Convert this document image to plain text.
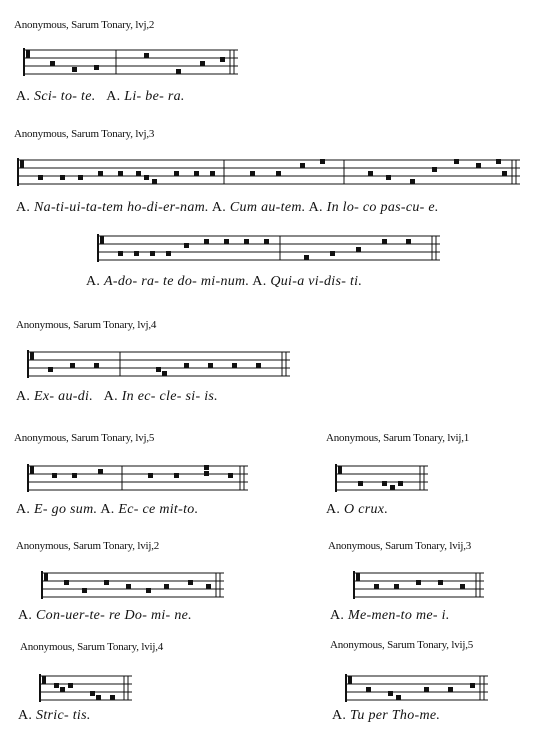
Anonymous, Sarum Tonary, lvj,2
A. Sci- to- te. A. Li- be- ra.
Anonymous, Sarum Tonary, lvj,3
A. Na-ti-ui-ta-tem ho-di-er-nam. A. Cum au-tem. A. In lo- co pas-cu- e.
A. A-do- ra- te do- mi-num. A. Qui-a vi-dis- ti.
Anonymous, Sarum Tonary, lvj,4
A. Ex- au-di. A. In ec- cle- si- is.
Anonymous, Sarum Tonary, lvj,5
A. E- go sum. A. Ec- ce mit-to.
Anonymous, Sarum Tonary, lvij,1
A. O crux.
Anonymous, Sarum Tonary, lvij,2
A. Con-uer-te- re Do- mi- ne.
Anonymous, Sarum Tonary, lvij,3
A. Me-men-to me- i.
Anonymous, Sarum Tonary, lvij,4
A. Stric- tis.
Anonymous, Sarum Tonary, lvij,5
A. Tu per Tho-me.
